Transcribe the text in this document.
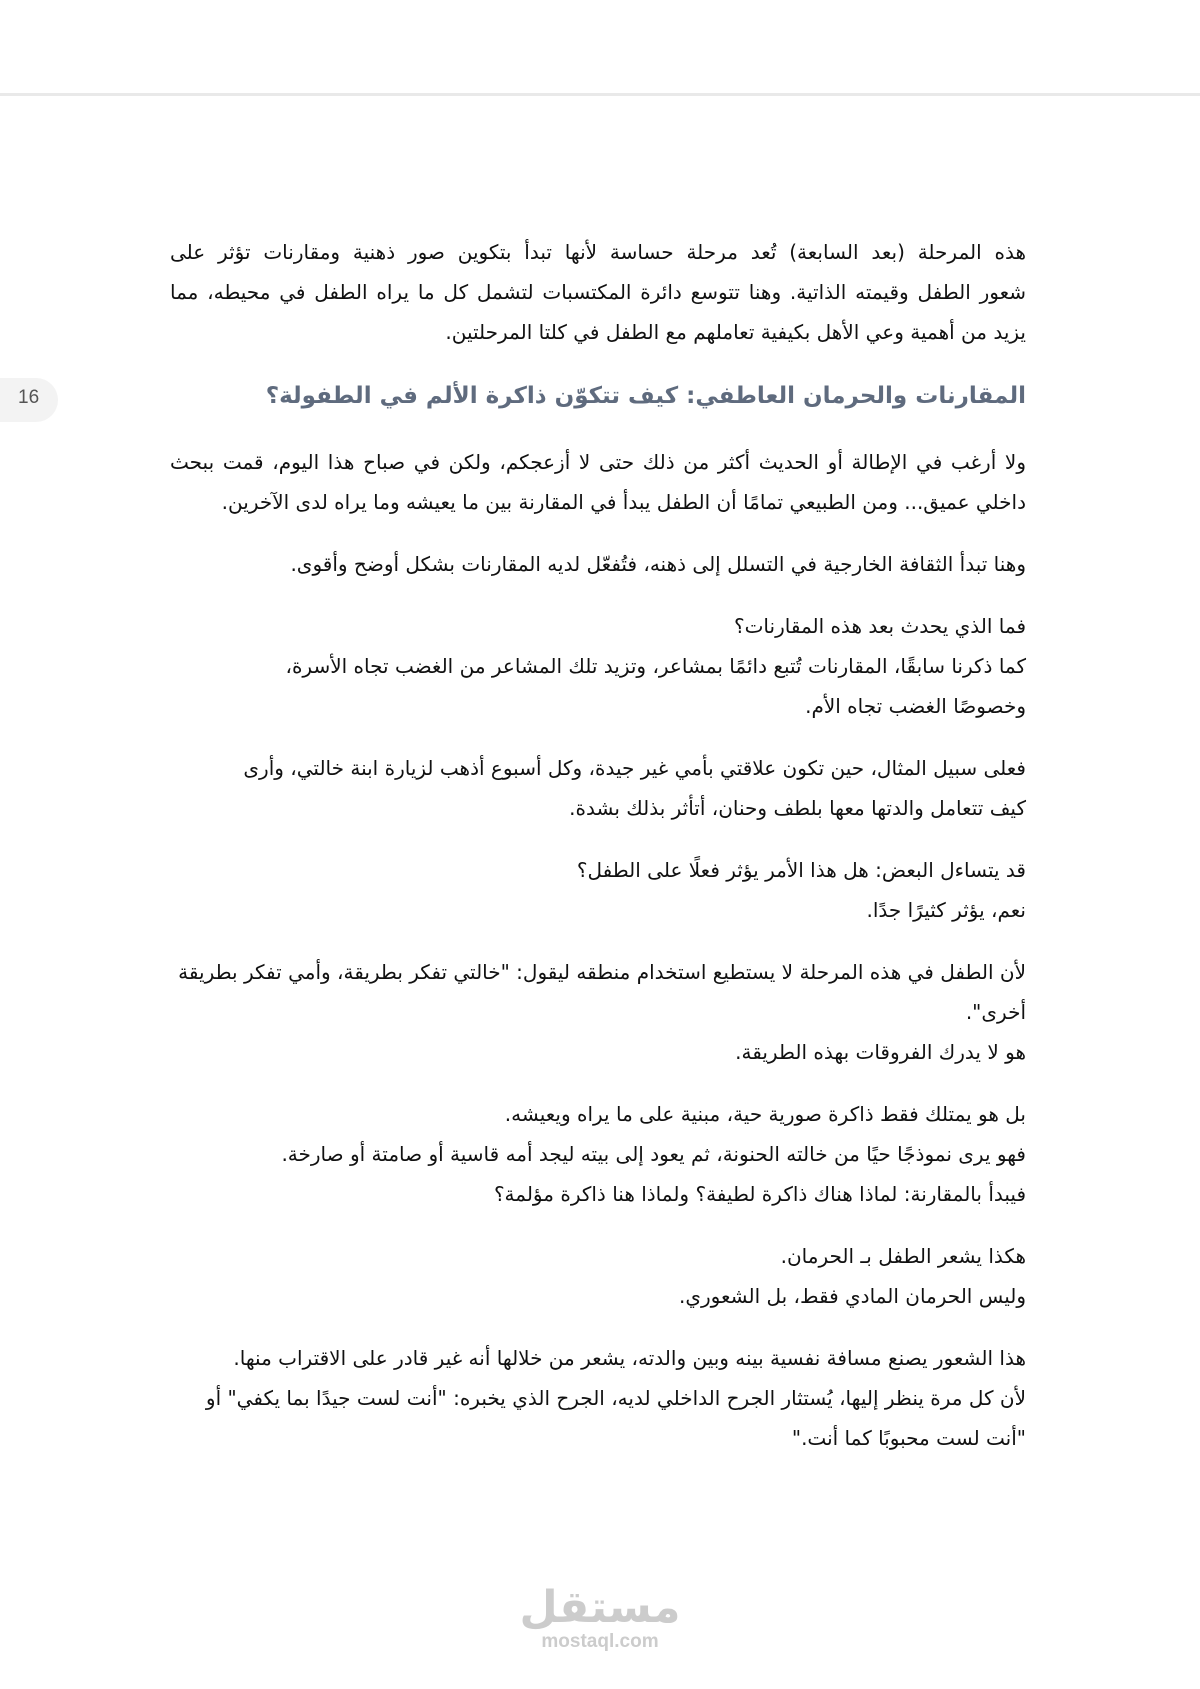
16

هذه المرحلة (بعد السابعة) تُعد مرحلة حساسة لأنها تبدأ بتكوين صور ذهنية ومقارنات تؤثر على
شعور الطفل وقيمته الذاتية. وهنا تتوسع دائرة المكتسبات لتشمل كل ما يراه الطفل في محيطه، مما
يزيد من أهمية وعي الأهل بكيفية تعاملهم مع الطفل في كلتا المرحلتين.

المقارنات والحرمان العاطفي: كيف تتكوّن ذاكرة الألم في الطفولة؟

ولا أرغب في الإطالة أو الحديث أكثر من ذلك حتى لا أزعجكم، ولكن في صباح هذا اليوم، قمت ببحث
داخلي عميق... ومن الطبيعي تمامًا أن الطفل يبدأ في المقارنة بين ما يعيشه وما يراه لدى الآخرين.

وهنا تبدأ الثقافة الخارجية في التسلل إلى ذهنه، فتُفعّل لديه المقارنات بشكل أوضح وأقوى.

فما الذي يحدث بعد هذه المقارنات؟
كما ذكرنا سابقًا، المقارنات تُتبع دائمًا بمشاعر، وتزيد تلك المشاعر من الغضب تجاه الأسرة،
وخصوصًا الغضب تجاه الأم.

فعلى سبيل المثال، حين تكون علاقتي بأمي غير جيدة، وكل أسبوع أذهب لزيارة ابنة خالتي، وأرى
كيف تتعامل والدتها معها بلطف وحنان، أتأثر بذلك بشدة.

قد يتساءل البعض: هل هذا الأمر يؤثر فعلًا على الطفل؟
نعم، يؤثر كثيرًا جدًا.

لأن الطفل في هذه المرحلة لا يستطيع استخدام منطقه ليقول: "خالتي تفكر بطريقة، وأمي تفكر بطريقة
أخرى".
هو لا يدرك الفروقات بهذه الطريقة.

بل هو يمتلك فقط ذاكرة صورية حية، مبنية على ما يراه ويعيشه.
فهو يرى نموذجًا حيًا من خالته الحنونة، ثم يعود إلى بيته ليجد أمه قاسية أو صامتة أو صارخة.
فيبدأ بالمقارنة: لماذا هناك ذاكرة لطيفة؟ ولماذا هنا ذاكرة مؤلمة؟

هكذا يشعر الطفل بـ الحرمان.
وليس الحرمان المادي فقط، بل الشعوري.

هذا الشعور يصنع مسافة نفسية بينه وبين والدته، يشعر من خلالها أنه غير قادر على الاقتراب منها.
لأن كل مرة ينظر إليها، يُستثار الجرح الداخلي لديه، الجرح الذي يخبره: "أنت لست جيدًا بما يكفي" أو
"أنت لست محبوبًا كما أنت."

مستقل
mostaql.com
